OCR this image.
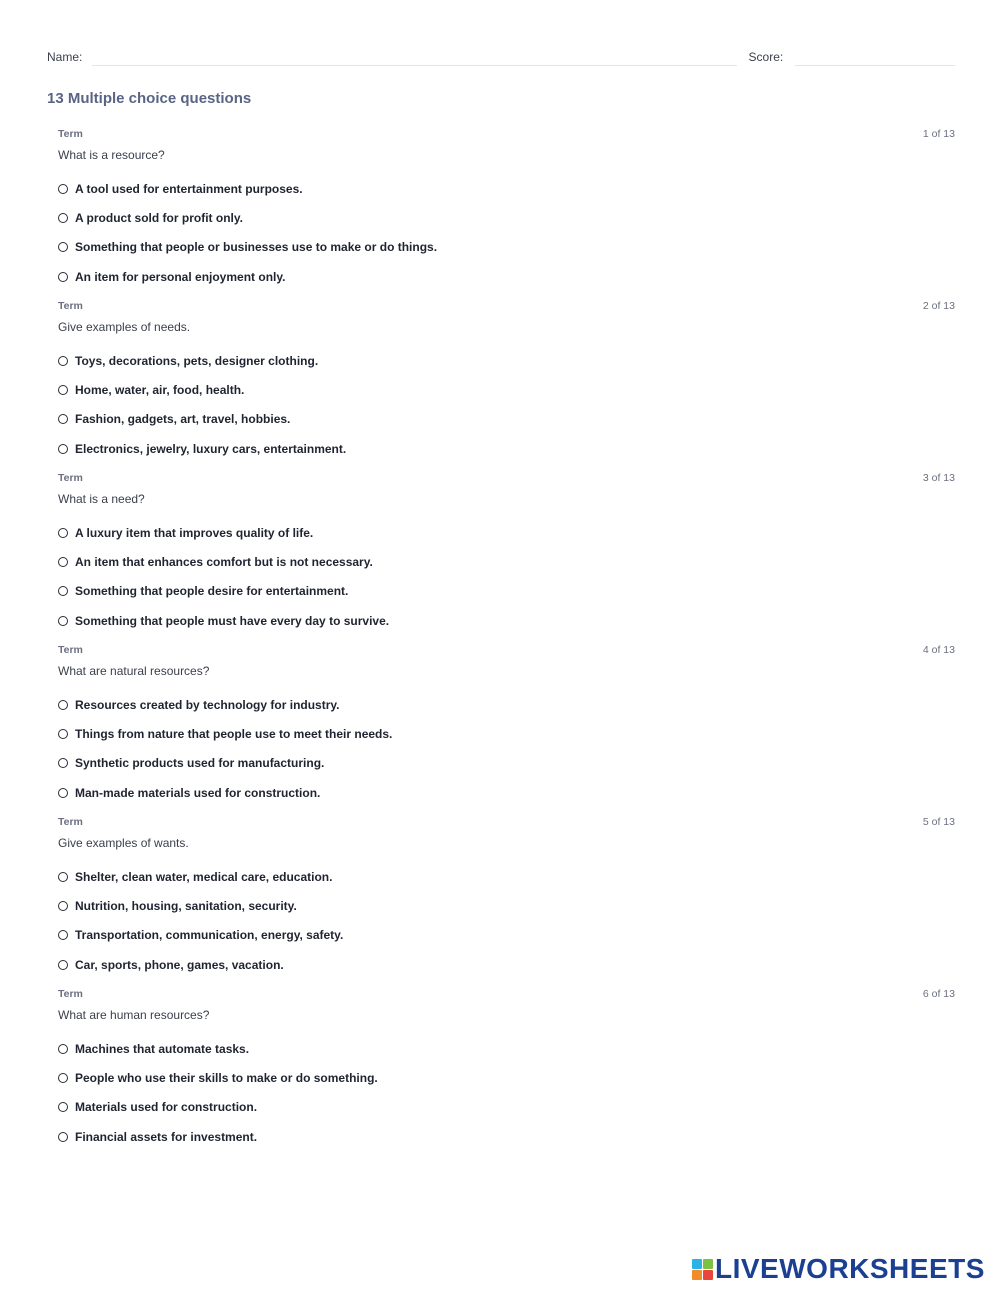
Name:	Score:
13 Multiple choice questions
Term	1 of 13
What is a resource?
A tool used for entertainment purposes.
A product sold for profit only.
Something that people or businesses use to make or do things.
An item for personal enjoyment only.
Term	2 of 13
Give examples of needs.
Toys, decorations, pets, designer clothing.
Home, water, air, food, health.
Fashion, gadgets, art, travel, hobbies.
Electronics, jewelry, luxury cars, entertainment.
Term	3 of 13
What is a need?
A luxury item that improves quality of life.
An item that enhances comfort but is not necessary.
Something that people desire for entertainment.
Something that people must have every day to survive.
Term	4 of 13
What are natural resources?
Resources created by technology for industry.
Things from nature that people use to meet their needs.
Synthetic products used for manufacturing.
Man-made materials used for construction.
Term	5 of 13
Give examples of wants.
Shelter, clean water, medical care, education.
Nutrition, housing, sanitation, security.
Transportation, communication, energy, safety.
Car, sports, phone, games, vacation.
Term	6 of 13
What are human resources?
Machines that automate tasks.
People who use their skills to make or do something.
Materials used for construction.
Financial assets for investment.
LIVEWORKSHEETS
